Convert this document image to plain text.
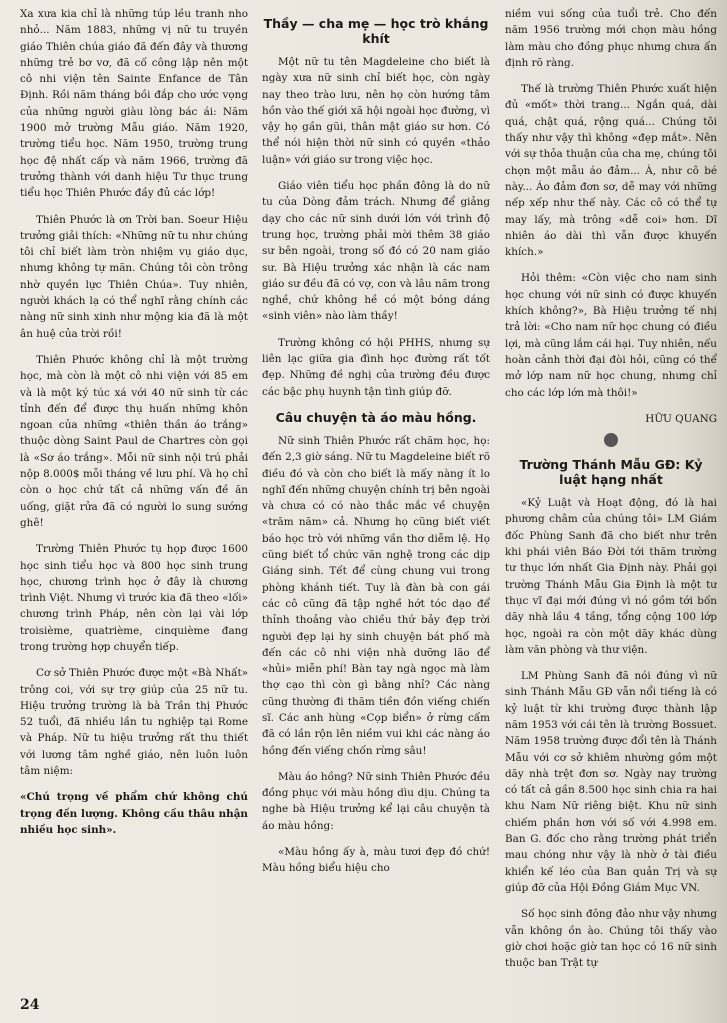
Xa xưa kia chỉ là những túp lều tranh nho nhỏ... Năm 1883, những vị nữ tu truyền giáo Thiên chúa giáo đã đến đây và thương những trẻ bơ vơ, đã cố công lập nên một cô nhi viện tên Sainte Enfance de Tân Định. Rồi năm tháng bồi đắp cho ước vọng của những người giàu lòng bác ái: Năm 1900 mở trường Mẫu giáo. Năm 1920, trường tiểu học. Năm 1950, trường trung học đệ nhất cấp và năm 1966, trường đã trưởng thành với danh hiệu Tư thục trung tiểu học Thiên Phước đầy đủ các lớp!

Thiên Phước là ơn Trời ban. Soeur Hiệu trưởng giải thích: «Những nữ tu như chúng tôi chỉ biết làm tròn nhiệm vụ giáo dục, nhưng không tự mãn. Chúng tôi còn trông nhờ quyền lực Thiên Chúa». Tuy nhiên, người khách lạ có thể nghĩ rằng chính các nàng nữ sinh xinh như mộng kia đã là một ân huệ của trời rồi!

Thiên Phước không chỉ là một trường học, mà còn là một cô nhi viện với 85 em và là một ký túc xá với 40 nữ sinh từ các tỉnh đến để được thụ huấn những khôn ngoan của những «thiên thần áo trắng» thuộc dòng Saint Paul de Chartres còn gọi là «Sơ áo trắng». Mỗi nữ sinh nội trú phải nộp 8.000$ mỗi tháng về lưu phí. Và họ chỉ còn o học chứ tất cả những vấn đề ăn uống, giặt rửa đã có người lo sung sướng ghê!

Trường Thiên Phước tụ họp được 1600 học sinh tiểu học và 800 học sinh trung học, chương trình học ở đây là chương trình Việt. Nhưng vì trước kia đã theo «lối» chương trình Pháp, nên còn lại vài lớp troisième, quatrième, cinquième đang trong trường hợp chuyển tiếp.

Cơ sở Thiên Phước được một «Bà Nhất» trông coi, với sự trợ giúp của 25 nữ tu. Hiệu trưởng trường là bà Trần thị Phước 52 tuổi, đã nhiều lần tu nghiệp tại Rome và Pháp. Nữ tu hiệu trưởng rất thu thiết với lương tâm nghề giáo, nên luôn luôn tâm niệm:

«Chú trọng về phẩm chứ không chú trọng đến lượng. Không cầu thâu nhận nhiều học sinh».

Thầy — cha mẹ — học trò khắng khít

Một nữ tu tên Magdeleine cho biết là ngày xưa nữ sinh chỉ biết học, còn ngày nay theo trào lưu, nên họ còn hướng tâm hồn vào thế giới xã hội ngoài học đường, vì vậy họ gần gũi, thân mật giáo sư hơn. Có thể nói hiện thời nữ sinh có quyền «thảo luận» với giáo sư trong việc học.

Giáo viên tiểu học phần đông là do nữ tu của Dòng đảm trách. Nhưng để giảng dạy cho các nữ sinh dưới lớn với trình độ trung học, trường phải mời thêm 38 giáo sư bên ngoài, trong số đó có 20 nam giáo sư. Bà Hiệu trưởng xác nhận là các nam giáo sư đều đã có vợ, con và lâu năm trong nghề, chứ không hề có một bóng dáng «sinh viên» nào làm thầy!

Trường không có hội PHHS, nhưng sự liên lạc giữa gia đình học đường rất tốt đẹp. Những đề nghị của trường đều được các bậc phụ huynh tận tình giúp đỡ.

Câu chuyện tà áo màu hồng.

Nữ sinh Thiên Phước rất chăm học, họ: đến 2,3 giờ sáng. Nữ tu Magdeleine biết rõ điều đó và còn cho biết là mấy nàng ít lo nghĩ đến những chuyện chính trị bên ngoài và chưa có có nào thắc mắc về chuyện «trăm năm» cả. Nhưng họ cũng biết viết báo học trò với những vần thơ diễm lệ. Họ cũng biết tổ chức văn nghệ trong các dịp Giáng sinh. Tết để cùng chung vui trong phòng khánh tiết. Tuy là đàn bà con gái các cô cũng đã tập nghề hớt tóc dạo để thỉnh thoảng vào chiều thứ bảy đẹp trời người đẹp lại hy sinh chuyện bát phố mà đến các cô nhi viện nhà dưỡng lão để «hủi» miễn phí! Bàn tay ngà ngọc mà làm thợ cạo thì còn gì bằng nhỉ? Các nàng cũng thường đi thăm tiền đồn viếng chiến sĩ. Các anh hùng «Cọp biển» ở rừng cấm đã có lần rộn lên niềm vui khi các nàng áo hồng đến viếng chốn rừng sâu!

Màu áo hồng? Nữ sinh Thiên Phước đều đồng phục với màu hồng dìu dịu. Chúng ta nghe bà Hiệu trưởng kể lại câu chuyện tà áo màu hồng:

«Màu hồng ấy à, màu tươi đẹp đó chứ! Màu hồng biểu hiệu cho

niềm vui sống của tuổi trẻ. Cho đến năm 1956 trường mới chọn màu hồng làm màu cho đồng phục nhưng chưa ấn định rõ ràng.

Thế là trường Thiên Phước xuất hiện đủ «mốt» thời trang... Ngắn quá, dài quá, chật quá, rộng quá... Chúng tôi thấy như vậy thì không «đẹp mắt». Nên với sự thỏa thuận của cha mẹ, chúng tôi chọn một mẫu áo đảm... À, như cô bé này... Áo đảm đơn sơ, dễ may với những nếp xếp như thế này. Các cô có thể tự may lấy, mà trông «dễ coi» hơn. Dĩ nhiên áo dài thì vẫn được khuyến khích.»

Hỏi thêm: «Còn việc cho nam sinh học chung với nữ sinh có được khuyến khích không?», Bà Hiệu trưởng tế nhị trả lời: «Cho nam nữ học chung có điều lợi, mà cũng lắm cái hại. Tuy nhiên, nếu hoàn cảnh thời đại đòi hỏi, cũng có thể mở lớp nam nữ học chung, nhưng chỉ cho các lớp lớn mà thôi!»

HỮU QUANG
Trường Thánh Mẫu GĐ: Kỷ luật hạng nhất

«Kỷ Luật và Hoạt động, đó là hai phương châm của chúng tôi» LM Giám đốc Phùng Sanh đã cho biết như trên khi phái viên Báo Đời tới thăm trường tư thục lớn nhất Gia Định này. Phải gọi trường Thánh Mẫu Gia Định là một tư thục vĩ đại mới đúng vì nó gồm tới bốn dãy nhà lầu 4 tầng, tổng cộng 100 lớp học, ngoài ra còn một dãy khác dùng làm văn phòng và thư viện.

LM Phùng Sanh đã nói đúng vì nữ sinh Thánh Mẫu GĐ vẫn nổi tiếng là có kỷ luật từ khi trường được thành lập năm 1953 với cái tên là trường Bossuet. Năm 1958 trường được đổi tên là Thánh Mẫu với cơ sở khiêm nhường gồm một dãy nhà trệt đơn sơ. Ngày nay trường có tất cả gần 8.500 học sinh chia ra hai khu Nam Nữ riêng biệt. Khu nữ sinh chiếm phần hơn với số với 4.998 em. Ban G. đốc cho rằng trường phát triển mau chóng như vậy là nhờ ở tài điều khiển kế léo của Ban quản Trị và sự giúp đỡ của Hội Đồng Giám Mục VN.

Số học sinh đông đảo như vậy nhưng vẫn không ồn ào. Chúng tôi thấy vào giờ chơi hoặc giờ tan học có 16 nữ sinh thuộc ban Trật tự

24
